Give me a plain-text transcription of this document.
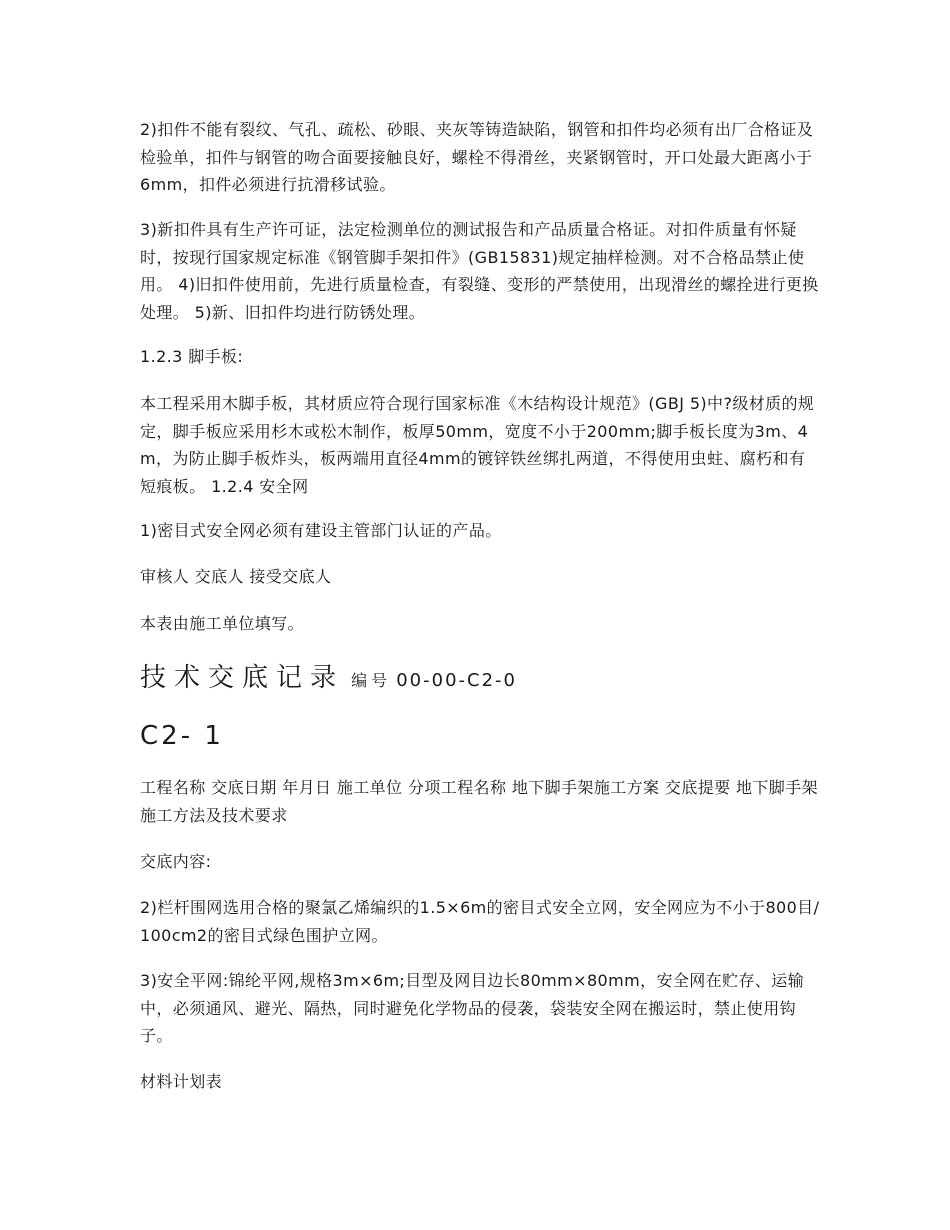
2)扣件不能有裂纹、气孔、疏松、砂眼、夹灰等铸造缺陷，钢管和扣件均必须有出厂合格证及检验单，扣件与钢管的吻合面要接触良好，螺栓不得滑丝，夹紧钢管时，开口处最大距离小于6mm，扣件必须进行抗滑移试验。

3)新扣件具有生产许可证，法定检测单位的测试报告和产品质量合格证。对扣件质量有怀疑时，按现行国家规定标准《钢管脚手架扣件》(GB15831)规定抽样检测。对不合格品禁止使用。 4)旧扣件使用前，先进行质量检查，有裂缝、变形的严禁使用，出现滑丝的螺拴进行更换处理。 5)新、旧扣件均进行防锈处理。

1.2.3 脚手板:

本工程采用木脚手板，其材质应符合现行国家标准《木结构设计规范》(GBJ 5)中?级材质的规定，脚手板应采用杉木或松木制作，板厚50mm，宽度不小于200mm;脚手板长度为3m、4m，为防止脚手板炸头，板两端用直径4mm的镀锌铁丝绑扎两道，不得使用虫蛀、腐朽和有短痕板。 1.2.4 安全网

1)密目式安全网必须有建设主管部门认证的产品。

审核人 交底人 接受交底人

本表由施工单位填写。

技术交底记录 编号 00-00-C2-0
C2- 1

工程名称 交底日期 年月日 施工单位 分项工程名称 地下脚手架施工方案 交底提要 地下脚手架施工方法及技术要求

交底内容:

2)栏杆围网选用合格的聚氯乙烯编织的1.5×6m的密目式安全立网，安全网应为不小于800目/100cm2的密目式绿色围护立网。

3)安全平网:锦纶平网,规格3m×6m;目型及网目边长80mm×80mm，安全网在贮存、运输中，必须通风、避光、隔热，同时避免化学物品的侵袭，袋装安全网在搬运时，禁止使用钩子。

材料计划表
